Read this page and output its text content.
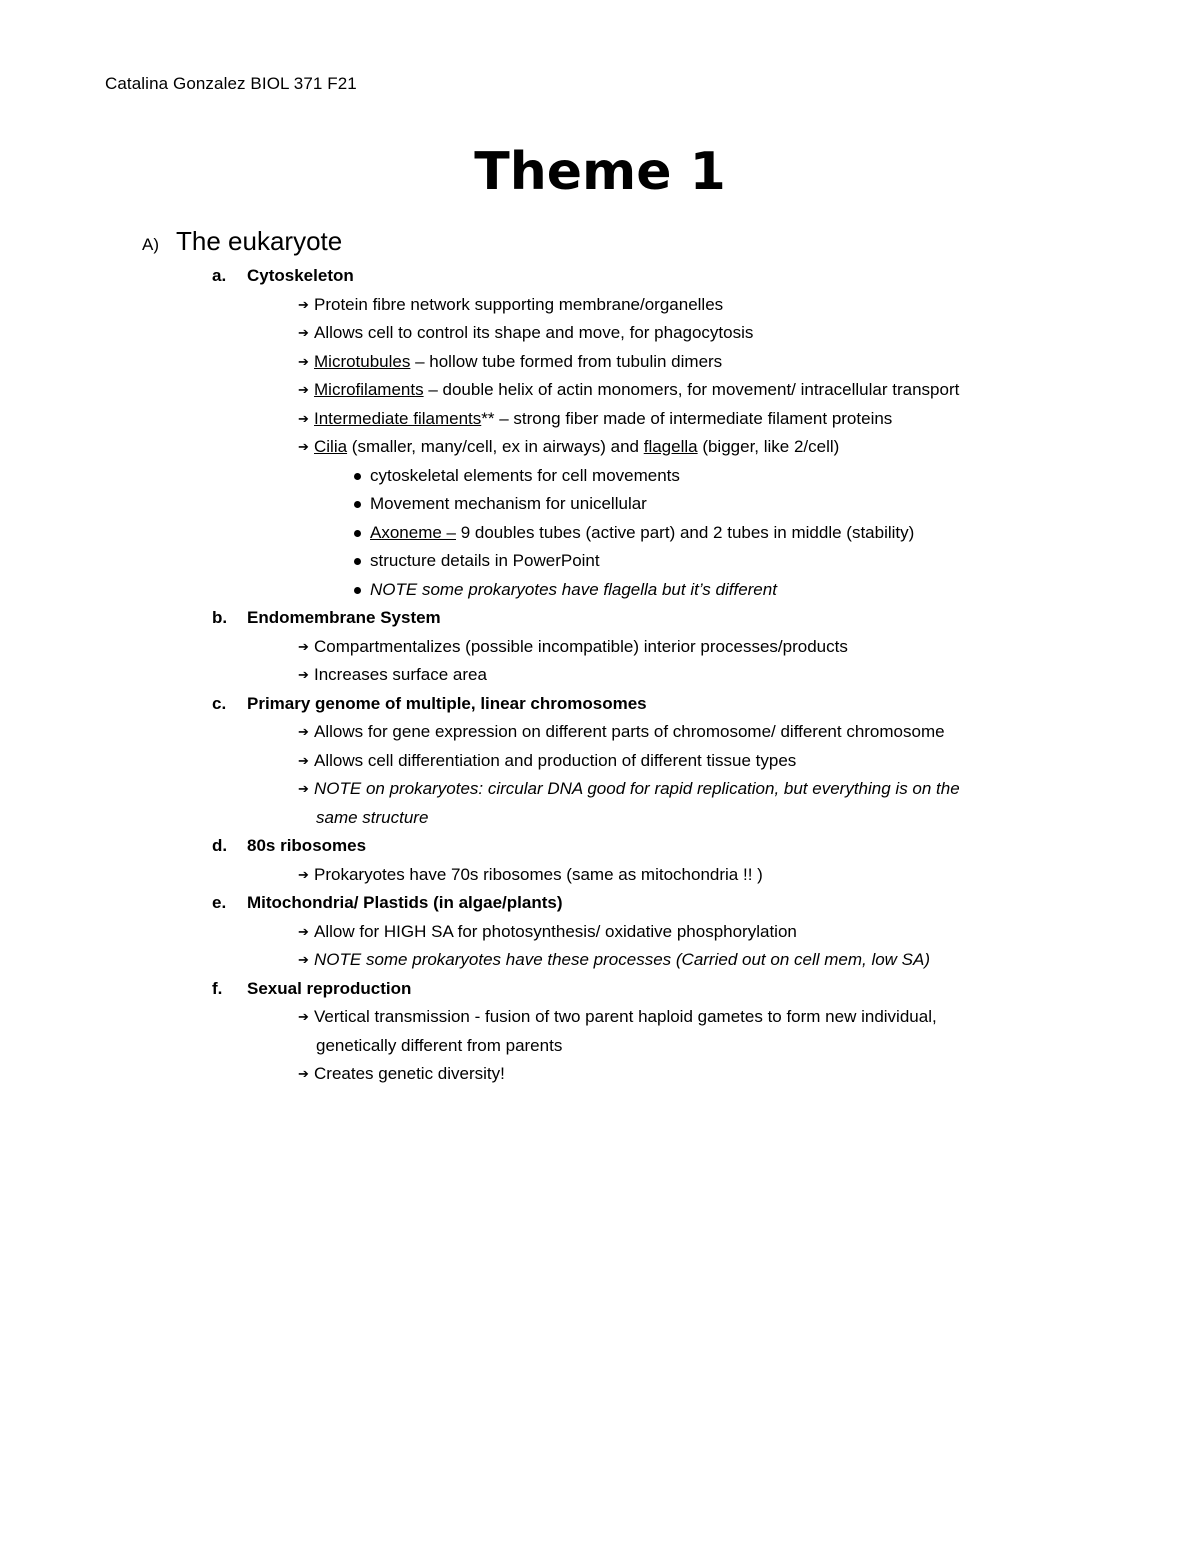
Catalina Gonzalez BIOL 371 F21
Theme 1
A) The eukaryote
a. Cytoskeleton
➔ Protein fibre network supporting membrane/organelles
➔ Allows cell to control its shape and move, for phagocytosis
➔ Microtubules – hollow tube formed from tubulin dimers
➔ Microfilaments – double helix of actin monomers, for movement/ intracellular transport
➔ Intermediate filaments** – strong fiber made of intermediate filament proteins
➔ Cilia (smaller, many/cell, ex in airways) and flagella (bigger, like 2/cell)
cytoskeletal elements for cell movements
Movement mechanism for unicellular
Axoneme – 9 doubles tubes (active part) and 2 tubes in middle (stability)
structure details in PowerPoint
NOTE some prokaryotes have flagella but it’s different
b. Endomembrane System
➔ Compartmentalizes (possible incompatible) interior processes/products
➔ Increases surface area
c. Primary genome of multiple, linear chromosomes
➔ Allows for gene expression on different parts of chromosome/ different chromosome
➔ Allows cell differentiation and production of different tissue types
➔ NOTE on prokaryotes: circular DNA good for rapid replication, but everything is on the
same structure
d. 80s ribosomes
➔ Prokaryotes have 70s ribosomes (same as mitochondria !! )
e. Mitochondria/ Plastids (in algae/plants)
➔ Allow for HIGH SA for photosynthesis/ oxidative phosphorylation
➔ NOTE some prokaryotes have these processes (Carried out on cell mem, low SA)
f. Sexual reproduction
➔ Vertical transmission - fusion of two parent haploid gametes to form new individual,
genetically different from parents
➔ Creates genetic diversity!
